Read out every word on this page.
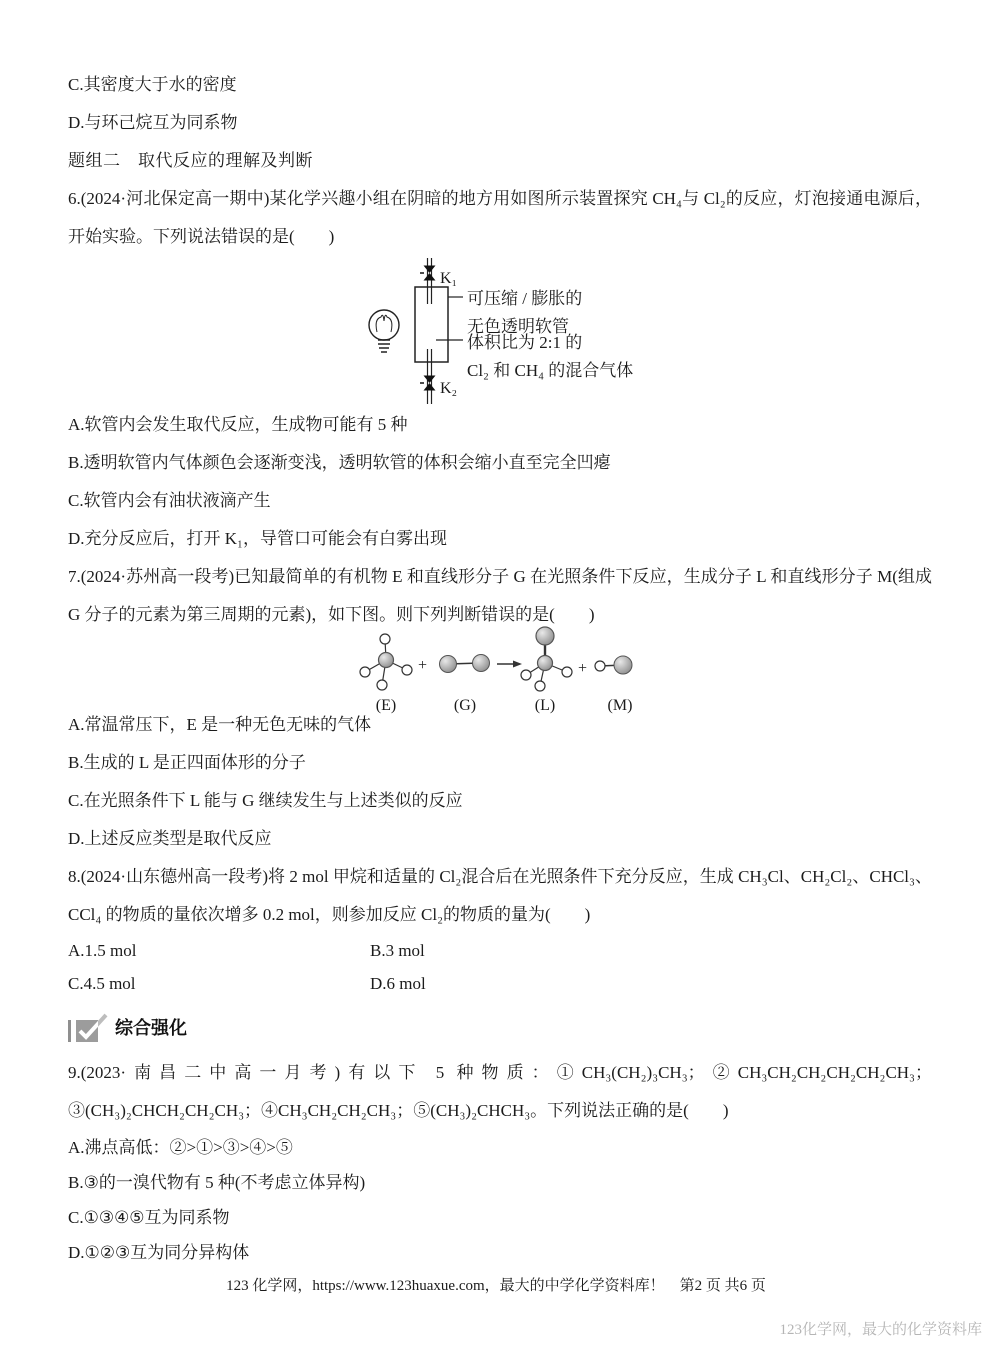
C.其密度大于水的密度

D.与环己烷互为同系物

题组二　取代反应的理解及判断

6.(2024·河北保定高一期中)某化学兴趣小组在阴暗的地方用如图所示装置探究 CH₄与 Cl₂的反应，灯泡接通电源后，开始实验。下列说法错误的是(　　)

K₁
可压缩 / 膨胀的
无色透明软管
体积比为 2:1 的
Cl₂ 和 CH₄ 的混合气体
K₂

A.软管内会发生取代反应，生成物可能有 5 种

B.透明软管内气体颜色会逐渐变浅，透明软管的体积会缩小直至完全凹瘪

C.软管内会有油状液滴产生

D.充分反应后，打开 K₁，导管口可能会有白雾出现

7.(2024·苏州高一段考)已知最简单的有机物 E 和直线形分子 G 在光照条件下反应，生成分子 L 和直线形分子 M(组成 G 分子的元素为第三周期的元素)，如下图。则下列判断错误的是(　　)

+	+
(E)	(G)	(L)	(M)

A.常温常压下，E 是一种无色无味的气体

B.生成的 L 是正四面体形的分子

C.在光照条件下 L 能与 G 继续发生与上述类似的反应

D.上述反应类型是取代反应

8.(2024·山东德州高一段考)将 2 mol 甲烷和适量的 Cl₂混合后在光照条件下充分反应，生成 CH₃Cl、CH₂Cl₂、CHCl₃、CCl₄ 的物质的量依次增多 0.2 mol，则参加反应 Cl₂的物质的量为(　　)

A.1.5 mol	B.3 mol

C.4.5 mol	D.6 mol

综合强化

9.(2023·南昌二中高一月考)有以下 5 种物质：①CH₃(CH₂)₃CH₃；②CH₃CH₂CH₂CH₂CH₂CH₃；③(CH₃)₂CHCH₂CH₂CH₃；④CH₃CH₂CH₂CH₃；⑤(CH₃)₂CHCH₃。下列说法正确的是(　　)

A.沸点高低：②>①>③>④>⑤

B.③的一溴代物有 5 种(不考虑立体异构)

C.①③④⑤互为同系物

D.①②③互为同分异构体

123 化学网，https://www.123huaxue.com，最大的中学化学资料库！　第2 页 共6 页
123化学网，最大的化学资料库
